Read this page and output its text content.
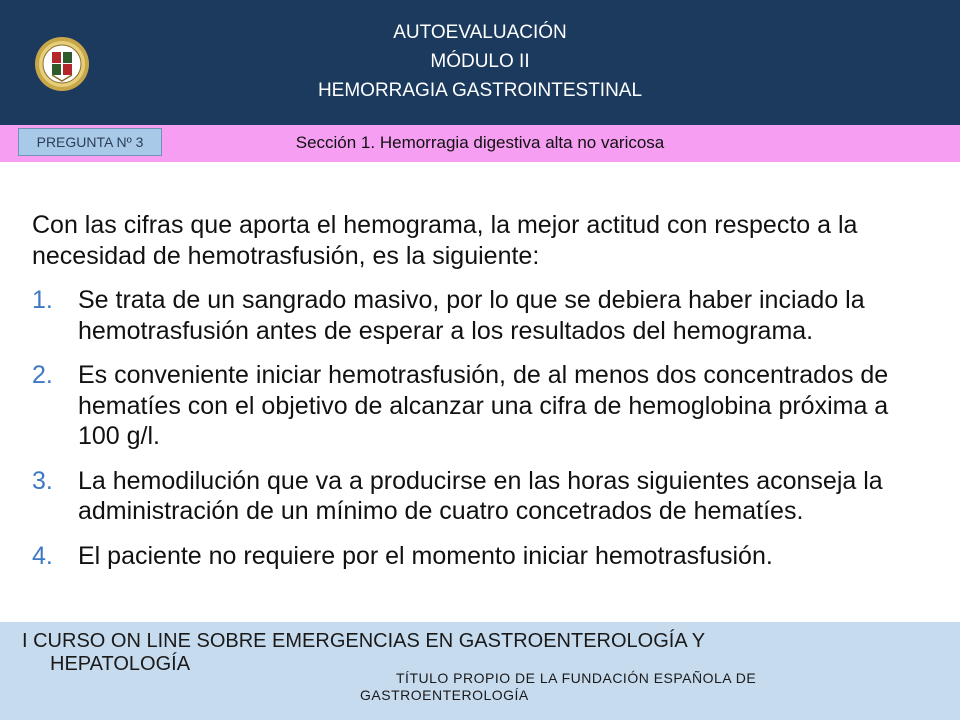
AUTOEVALUACIÓN
MÓDULO II
HEMORRAGIA GASTROINTESTINAL
PREGUNTA Nº 3	Sección 1. Hemorragia digestiva alta no varicosa

Con las cifras que aporta el hemograma, la mejor actitud con respecto a la necesidad de hemotrasfusión, es la siguiente:

1.	Se trata de un sangrado masivo, por lo que se debiera haber inciado la hemotrasfusión antes de esperar a los resultados del hemograma.
2.	Es conveniente iniciar hemotrasfusión, de al menos dos concentrados de hematíes con el objetivo de alcanzar una cifra de hemoglobina próxima a 100 g/l.
3.	La hemodilución que va a producirse en las horas siguientes aconseja la administración de un mínimo de cuatro concetrados de hematíes.
4.	El paciente no requiere por el momento iniciar hemotrasfusión.
I CURSO ON LINE SOBRE EMERGENCIAS EN GASTROENTEROLOGÍA Y
HEPATOLOGÍA
TÍTULO PROPIO DE LA FUNDACIÓN ESPAÑOLA DE
GASTROENTEROLOGÍA
